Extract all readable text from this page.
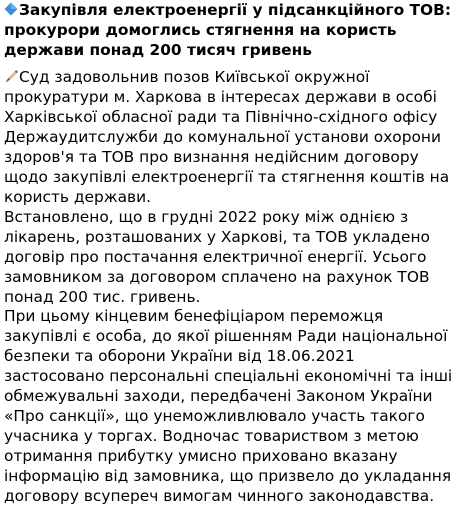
Закупівля електроенергії у підсанкційного ТОВ: прокурори домоглись стягнення на користь держави понад 200 тисяч гривень

Суд задовольнив позов Київської окружної прокуратури м. Харкова в інтересах держави в особі Харківської обласної ради та Північно-східного офісу Держаудитслужби до комунальної установи охорони здоров'я та ТОВ про визнання недійсним договору щодо закупівлі електроенергії та стягнення коштів на користь держави.

Встановлено, що в грудні 2022 року між однією з лікарень, розташованих у Харкові, та ТОВ укладено договір про постачання електричної енергії. Усього замовником за договором сплачено на рахунок ТОВ понад 200 тис. гривень.

При цьому кінцевим бенефіціаром переможця закупівлі є особа, до якої рішенням Ради національної безпеки та оборони України від 18.06.2021 застосовано персональні спеціальні економічні та інші обмежувальні заходи, передбачені Законом України «Про санкції», що унеможливлювало участь такого учасника у торгах. Водночас товариством з метою отримання прибутку умисно приховано вказану інформацію від замовника, що призвело до укладання договору всупереч вимогам чинного законодавства.
